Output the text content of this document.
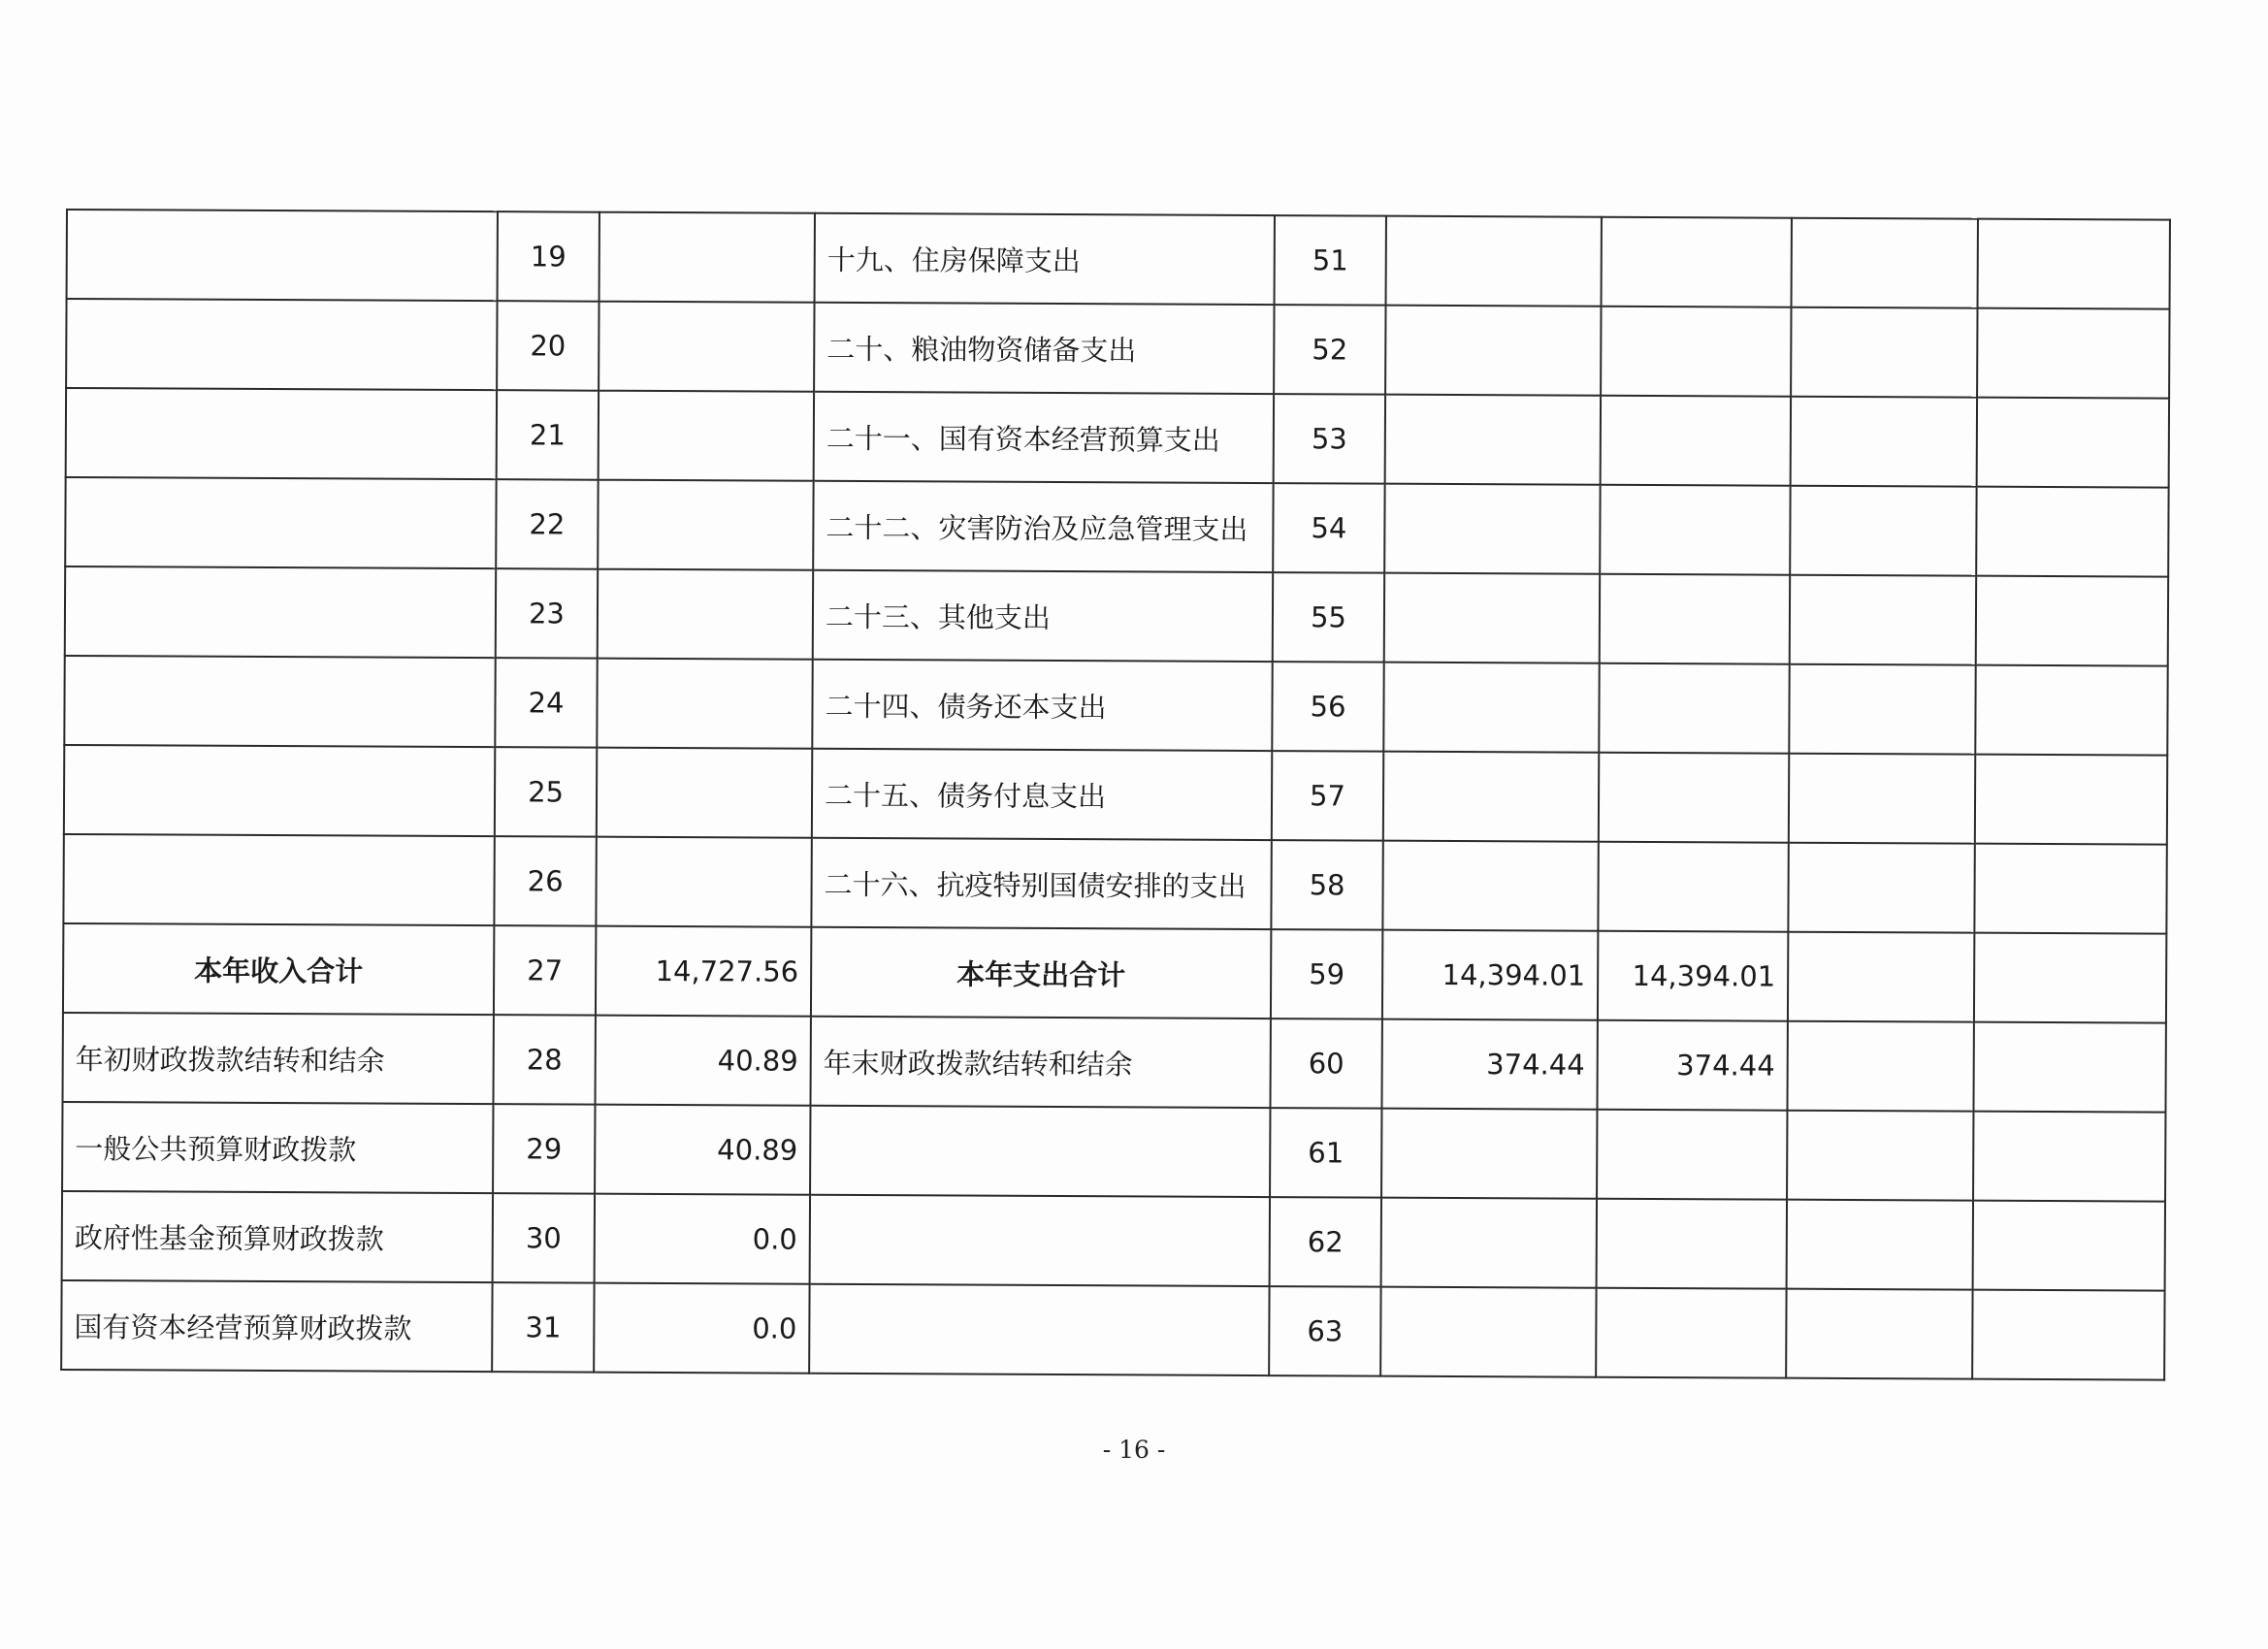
	19		十九、住房保障支出	51				
	20		二十、粮油物资储备支出	52				
	21		二十一、国有资本经营预算支出	53				
	22		二十二、灾害防治及应急管理支出	54				
	23		二十三、其他支出	55				
	24		二十四、债务还本支出	56				
	25		二十五、债务付息支出	57				
	26		二十六、抗疫特别国债安排的支出	58				
本年收入合计	27	14,727.56	本年支出合计	59	14,394.01	14,394.01		
年初财政拨款结转和结余	28	40.89	年末财政拨款结转和结余	60	374.44	374.44		
一般公共预算财政拨款	29	40.89		61				
政府性基金预算财政拨款	30	0.0		62				
国有资本经营预算财政拨款	31	0.0		63				
- 16 -
